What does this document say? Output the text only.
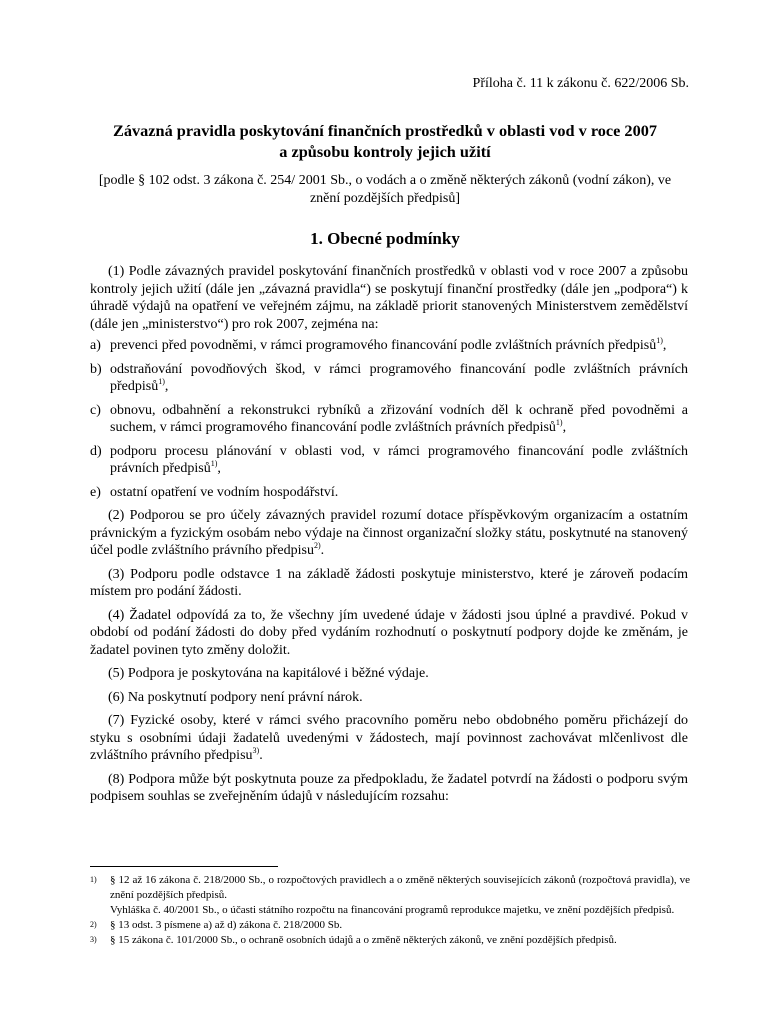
Příloha č. 11 k zákonu č. 622/2006 Sb.
Závazná pravidla poskytování finančních prostředků v oblasti vod v roce 2007
a způsobu kontroly jejich užití
[podle § 102 odst. 3 zákona č. 254/ 2001 Sb., o vodách a o změně některých zákonů (vodní zákon), ve znění pozdějších předpisů]
1. Obecné podmínky

(1) Podle závazných pravidel poskytování finančních prostředků v oblasti vod v roce 2007 a způsobu kontroly jejich užití (dále jen „závazná pravidla“) se poskytují finanční prostředky (dále jen „podpora“) k úhradě výdajů na opatření ve veřejném zájmu, na základě priorit stanovených Ministerstvem zemědělství (dále jen „ministerstvo“) pro rok 2007, zejména na:

a) prevenci před povodněmi, v rámci programového financování podle zvláštních právních předpisů$^{1)}$,
b) odstraňování povodňových škod, v rámci programového financování podle zvláštních právních předpisů$^{1)}$,
c) obnovu, odbahnění a rekonstrukci rybníků a zřizování vodních děl k ochraně před povodněmi a suchem, v rámci programového financování podle zvláštních právních předpisů$^{1)}$,
d) podporu procesu plánování v oblasti vod, v rámci programového financování podle zvláštních právních předpisů$^{1)}$,
e) ostatní opatření ve vodním hospodářství.

(2) Podporou se pro účely závazných pravidel rozumí dotace příspěvkovým organizacím a ostatním právnickým a fyzickým osobám nebo výdaje na činnost organizační složky státu, poskytnuté na stanovený účel podle zvláštního právního předpisu$^{2)}$.

(3) Podporu podle odstavce 1 na základě žádosti poskytuje ministerstvo, které je zároveň podacím místem pro podání žádosti.

(4) Žadatel odpovídá za to, že všechny jím uvedené údaje v žádosti jsou úplné a pravdivé. Pokud v období od podání žádosti do doby před vydáním rozhodnutí o poskytnutí podpory dojde ke změnám, je žadatel povinen tyto změny doložit.

(5) Podpora je poskytována na kapitálové i běžné výdaje.

(6) Na poskytnutí podpory není právní nárok.

(7) Fyzické osoby, které v rámci svého pracovního poměru nebo obdobného poměru přicházejí do styku s osobními údaji žadatelů uvedenými v žádostech, mají povinnost zachovávat mlčenlivost dle zvláštního právního předpisu$^{3)}$.

(8) Podpora může být poskytnuta pouze za předpokladu, že žadatel potvrdí na žádosti o podporu svým podpisem souhlas se zveřejněním údajů v následujícím rozsahu:

1)	§ 12 až 16 zákona č. 218/2000 Sb., o rozpočtových pravidlech a o změně některých souvisejících zákonů (rozpočtová pravidla), ve znění pozdějších předpisů.
Vyhláška č. 40/2001 Sb., o účasti státního rozpočtu na financování programů reprodukce majetku, ve znění pozdějších předpisů.
2)	§ 13 odst. 3 písmene a) až d) zákona č. 218/2000 Sb.
3)	§ 15 zákona č. 101/2000 Sb., o ochraně osobních údajů a o změně některých zákonů, ve znění pozdějších předpisů.
